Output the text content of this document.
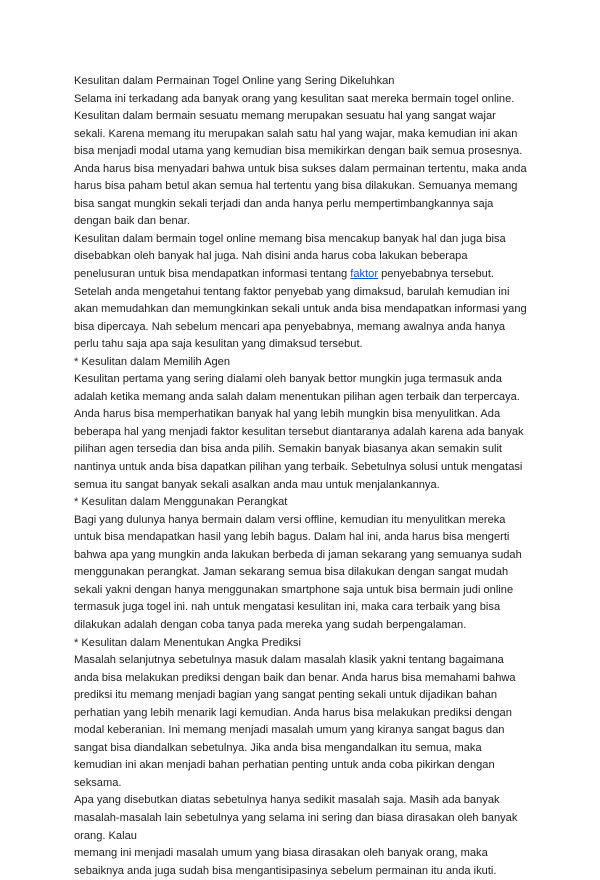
Kesulitan dalam Permainan Togel Online yang Sering Dikeluhkan
Selama ini terkadang ada banyak orang yang kesulitan saat mereka bermain togel online.
Kesulitan dalam bermain sesuatu memang merupakan sesuatu hal yang sangat wajar
sekali. Karena memang itu merupakan salah satu hal yang wajar, maka kemudian ini akan
bisa menjadi modal utama yang kemudian bisa memikirkan dengan baik semua prosesnya.
Anda harus bisa menyadari bahwa untuk bisa sukses dalam permainan tertentu, maka anda
harus bisa paham betul akan semua hal tertentu yang bisa dilakukan. Semuanya memang
bisa sangat mungkin sekali terjadi dan anda hanya perlu mempertimbangkannya saja
dengan baik dan benar.
Kesulitan dalam bermain togel online memang bisa mencakup banyak hal dan juga bisa
disebabkan oleh banyak hal juga. Nah disini anda harus coba lakukan beberapa
penelusuran untuk bisa mendapatkan informasi tentang faktor penyebabnya tersebut.
Setelah anda mengetahui tentang faktor penyebab yang dimaksud, barulah kemudian ini
akan memudahkan dan memungkinkan sekali untuk anda bisa mendapatkan informasi yang
bisa dipercaya. Nah sebelum mencari apa penyebabnya, memang awalnya anda hanya
perlu tahu saja apa saja kesulitan yang dimaksud tersebut.
* Kesulitan dalam Memilih Agen
Kesulitan pertama yang sering dialami oleh banyak bettor mungkin juga termasuk anda
adalah ketika memang anda salah dalam menentukan pilihan agen terbaik dan terpercaya.
Anda harus bisa memperhatikan banyak hal yang lebih mungkin bisa menyulitkan. Ada
beberapa hal yang menjadi faktor kesulitan tersebut diantaranya adalah karena ada banyak
pilihan agen tersedia dan bisa anda pilih. Semakin banyak biasanya akan semakin sulit
nantinya untuk anda bisa dapatkan pilihan yang terbaik. Sebetulnya solusi untuk mengatasi
semua itu sangat banyak sekali asalkan anda mau untuk menjalankannya.
* Kesulitan dalam Menggunakan Perangkat
Bagi yang dulunya hanya bermain dalam versi offline, kemudian itu menyulitkan mereka
untuk bisa mendapatkan hasil yang lebih bagus. Dalam hal ini, anda harus bisa mengerti
bahwa apa yang mungkin anda lakukan berbeda di jaman sekarang yang semuanya sudah
menggunakan perangkat. Jaman sekarang semua bisa dilakukan dengan sangat mudah
sekali yakni dengan hanya menggunakan smartphone saja untuk bisa bermain judi online
termasuk juga togel ini. nah untuk mengatasi kesulitan ini, maka cara terbaik yang bisa
dilakukan adalah dengan coba tanya pada mereka yang sudah berpengalaman.
* Kesulitan dalam Menentukan Angka Prediksi
Masalah selanjutnya sebetulnya masuk dalam masalah klasik yakni tentang bagaimana
anda bisa melakukan prediksi dengan baik dan benar. Anda harus bisa memahami bahwa
prediksi itu memang menjadi bagian yang sangat penting sekali untuk dijadikan bahan
perhatian yang lebih menarik lagi kemudian. Anda harus bisa melakukan prediksi dengan
modal keberanian. Ini memang menjadi masalah umum yang kiranya sangat bagus dan
sangat bisa diandalkan sebetulnya. Jika anda bisa mengandalkan itu semua, maka
kemudian ini akan menjadi bahan perhatian penting untuk anda coba pikirkan dengan
seksama.
Apa yang disebutkan diatas sebetulnya hanya sedikit masalah saja. Masih ada banyak
masalah-masalah lain sebetulnya yang selama ini sering dan biasa dirasakan oleh banyak
orang. Kalau
memang ini menjadi masalah umum yang biasa dirasakan oleh banyak orang, maka
sebaiknya anda juga sudah bisa mengantisipasinya sebelum permainan itu anda ikuti.
